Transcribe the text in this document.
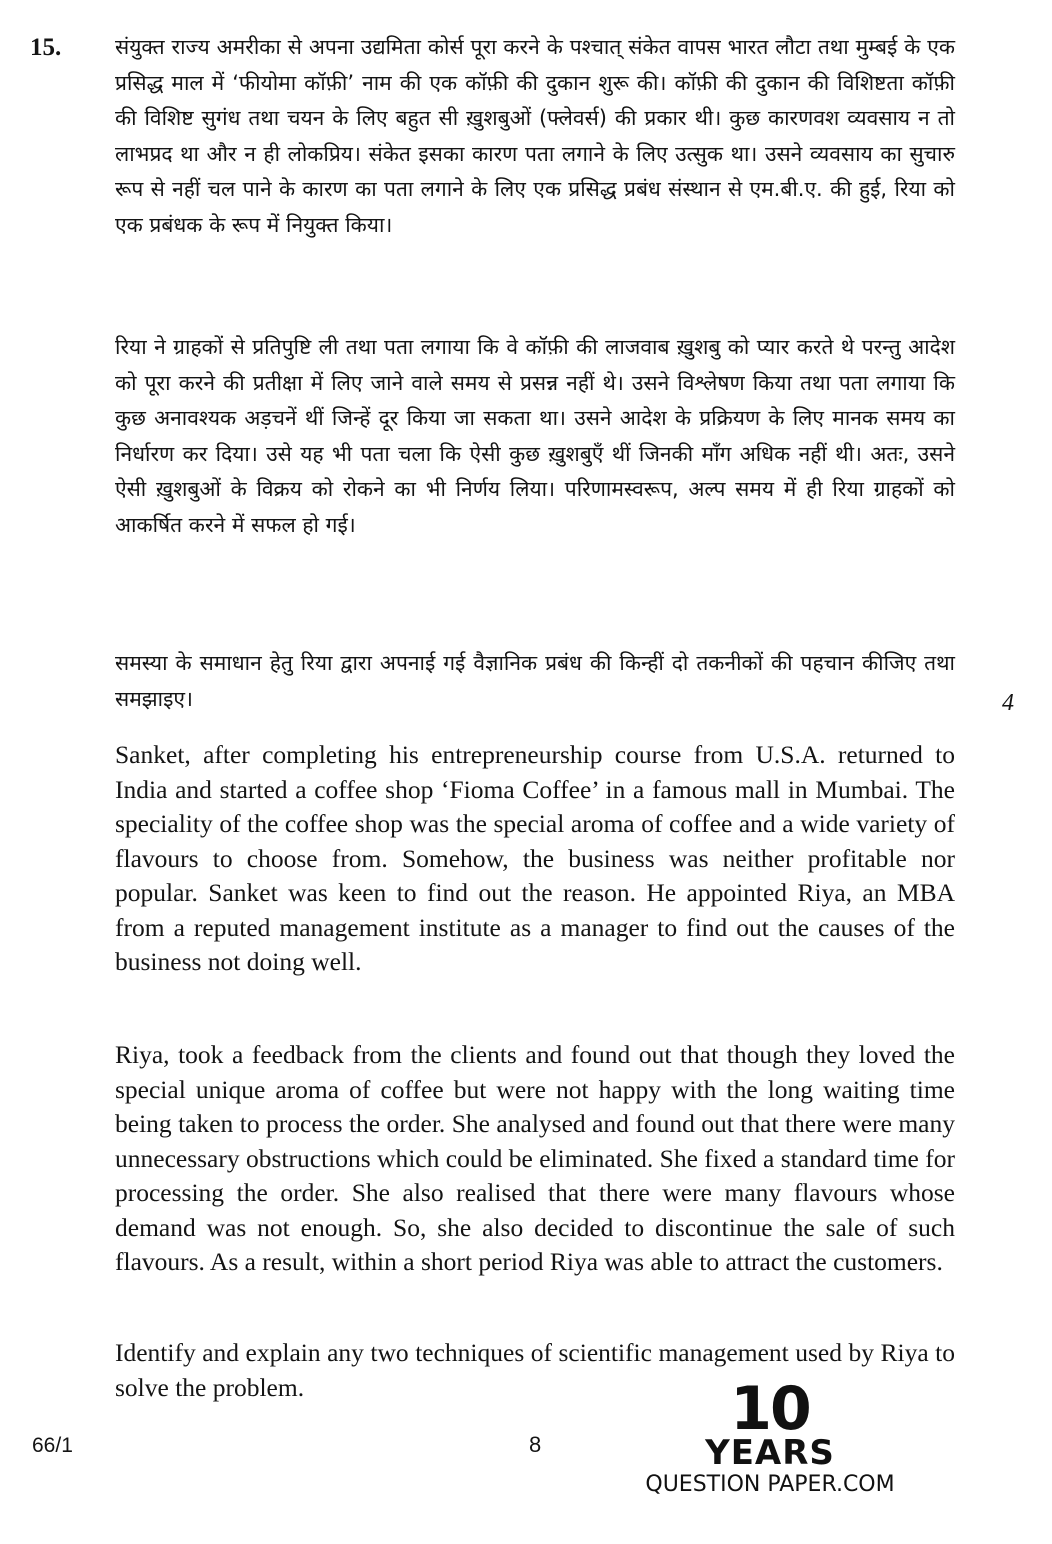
15.	संयुक्त राज्य अमरीका से अपना उद्यमिता कोर्स पूरा करने के पश्चात् संकेत वापस भारत लौटा तथा मुम्बई के एक प्रसिद्ध माल में ‘फीयोमा कॉफ़ी’ नाम की एक कॉफ़ी की दुकान शुरू की। कॉफ़ी की दुकान की विशिष्टता कॉफ़ी की विशिष्ट सुगंध तथा चयन के लिए बहुत सी ख़ुशबुओं (फ्लेवर्स) की प्रकार थी। कुछ कारणवश व्यवसाय न तो लाभप्रद था और न ही लोकप्रिय। संकेत इसका कारण पता लगाने के लिए उत्सुक था। उसने व्यवसाय का सुचारु रूप से नहीं चल पाने के कारण का पता लगाने के लिए एक प्रसिद्ध प्रबंध संस्थान से एम.बी.ए. की हुई, रिया को एक प्रबंधक के रूप में नियुक्त किया।

रिया ने ग्राहकों से प्रतिपुष्टि ली तथा पता लगाया कि वे कॉफ़ी की लाजवाब ख़ुशबु को प्यार करते थे परन्तु आदेश को पूरा करने की प्रतीक्षा में लिए जाने वाले समय से प्रसन्न नहीं थे। उसने विश्लेषण किया तथा पता लगाया कि कुछ अनावश्यक अड़चनें थीं जिन्हें दूर किया जा सकता था। उसने आदेश के प्रक्रियण के लिए मानक समय का निर्धारण कर दिया। उसे यह भी पता चला कि ऐसी कुछ ख़ुशबुएँ थीं जिनकी माँग अधिक नहीं थी। अतः, उसने ऐसी ख़ुशबुओं के विक्रय को रोकने का भी निर्णय लिया। परिणामस्वरूप, अल्प समय में ही रिया ग्राहकों को आकर्षित करने में सफल हो गई।

समस्या के समाधान हेतु रिया द्वारा अपनाई गई वैज्ञानिक प्रबंध की किन्हीं दो तकनीकों की पहचान कीजिए तथा समझाइए।	4

Sanket, after completing his entrepreneurship course from U.S.A. returned to India and started a coffee shop ‘Fioma Coffee’ in a famous mall in Mumbai. The speciality of the coffee shop was the special aroma of coffee and a wide variety of flavours to choose from. Somehow, the business was neither profitable nor popular. Sanket was keen to find out the reason. He appointed Riya, an MBA from a reputed management institute as a manager to find out the causes of the business not doing well.

Riya, took a feedback from the clients and found out that though they loved the special unique aroma of coffee but were not happy with the long waiting time being taken to process the order. She analysed and found out that there were many unnecessary obstructions which could be eliminated. She fixed a standard time for processing the order. She also realised that there were many flavours whose demand was not enough. So, she also decided to discontinue the sale of such flavours. As a result, within a short period Riya was able to attract the customers.

Identify and explain any two techniques of scientific management used by Riya to solve the problem.

66/1	8
10
YEARS
QUESTION PAPER.COM
